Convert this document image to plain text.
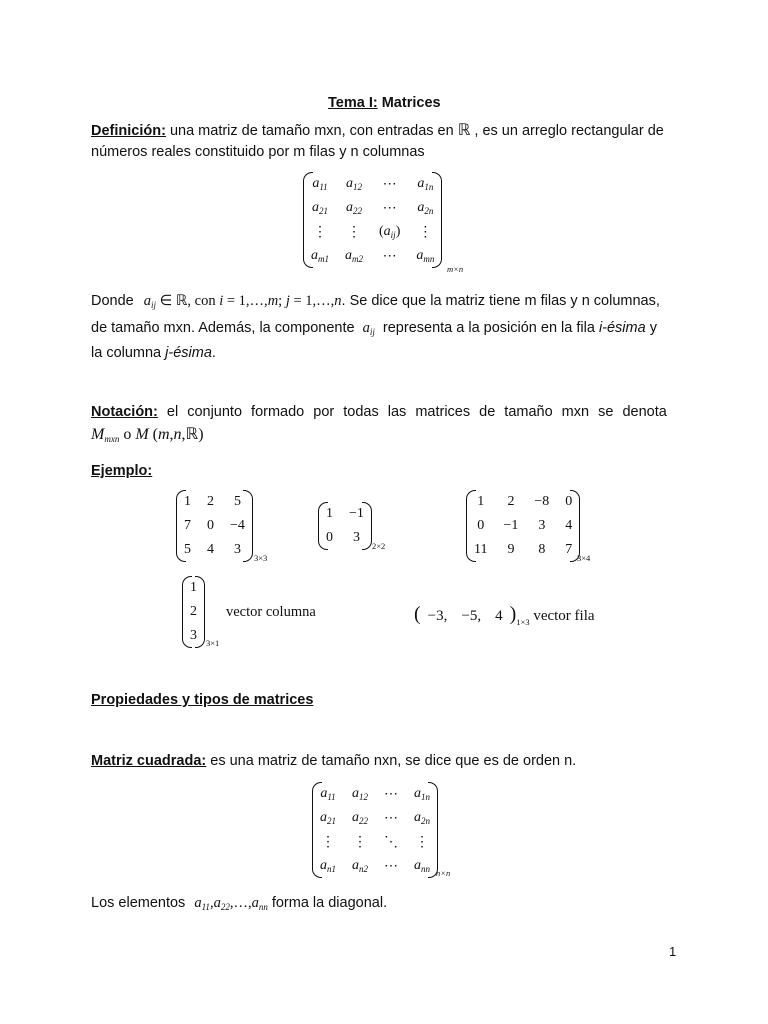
Tema I: Matrices
Definición: una matriz de tamaño mxn, con entradas en ℝ , es un arreglo rectangular de
números reales constituido por m filas y n columnas
$a_{11}$	$a_{12}$	⋯	$a_{1n}$
$a_{21}$	$a_{22}$	⋯	$a_{2n}$
⋮	⋮	$(a_{ij})$	⋮
$a_{m1}$	$a_{m2}$	⋯	$a_{mn}$
m×n
Donde $a_{ij}$ ∈ ℝ, con i = 1,…,m; j = 1,…,n. Se dice que la matriz tiene m filas y n columnas,
de tamaño mxn. Además, la componente $a_{ij}$ representa a la posición en la fila i-ésima y
la columna j-ésima.
Notación: el conjunto formado por todas las matrices de tamaño mxn se denota
$M_{mxn}$ o M (m,n,ℝ)
Ejemplo:
1	2	5
7	0	−4
5	4	3
3×3
1	−1
0	3
2×2
1	2	−8	0
0	−1	3	4
11	9	8	7
3×4
1
2
3 3×1
vector columna	( −3, −5, 4 )$_{1\times 3}$ vector fila
Propiedades y tipos de matrices
Matriz cuadrada: es una matriz de tamaño nxn, se dice que es de orden n.
$a_{11}$	$a_{12}$	⋯	$a_{1n}$
$a_{21}$	$a_{22}$	⋯	$a_{2n}$
⋮	⋮	⋱	⋮
$a_{n1}$	$a_{n2}$	⋯	$a_{nn}$ n×n
Los elementos $a_{11},a_{22},\dots,a_{nn}$ forma la diagonal.
1
